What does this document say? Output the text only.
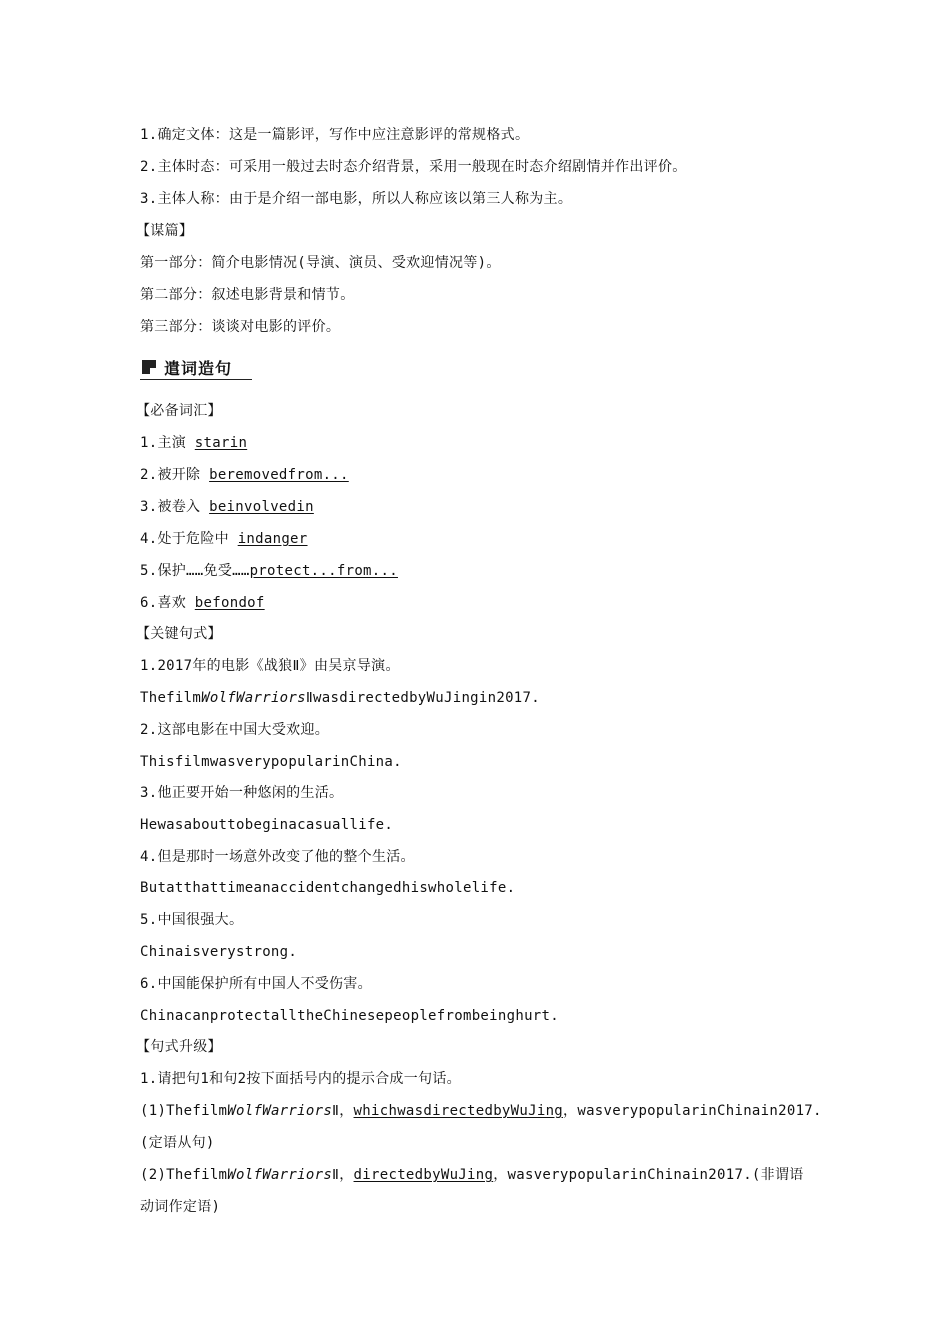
1.确定文体：这是一篇影评，写作中应注意影评的常规格式。
2.主体时态：可采用一般过去时态介绍背景，采用一般现在时态介绍剧情并作出评价。
3.主体人称：由于是介绍一部电影，所以人称应该以第三人称为主。
【谋篇】
第一部分：简介电影情况(导演、演员、受欢迎情况等)。
第二部分：叙述电影背景和情节。
第三部分：谈谈对电影的评价。
遣词造句
【必备词汇】
1.主演 starin
2.被开除 beremovedfrom...
3.被卷入 beinvolvedin
4.处于危险中 indanger
5.保护……免受……protect...from...
6.喜欢 befondof
【关键句式】
1.2017年的电影《战狼Ⅱ》由吴京导演。
ThefilmWolfWarriorsⅡwasdirectedbyWuJingin2017.
2.这部电影在中国大受欢迎。
ThisfilmwasverypopularinChina.
3.他正要开始一种悠闲的生活。
Hewasabouttobeginacasuallife.
4.但是那时一场意外改变了他的整个生活。
Butatthattimeanaccidentchangedhiswholelife.
5.中国很强大。
Chinaisverystrong.
6.中国能保护所有中国人不受伤害。
ChinacanprotectalltheChinesepeoplefrombeinghurt.
【句式升级】
1.请把句1和句2按下面括号内的提示合成一句话。
(1)ThefilmWolfWarriorsⅡ，whichwasdirectedbyWuJing，wasverypopularinChinain2017.
(定语从句)
(2)ThefilmWolfWarriorsⅡ，directedbyWuJing，wasverypopularinChinain2017.(非谓语
动词作定语)
